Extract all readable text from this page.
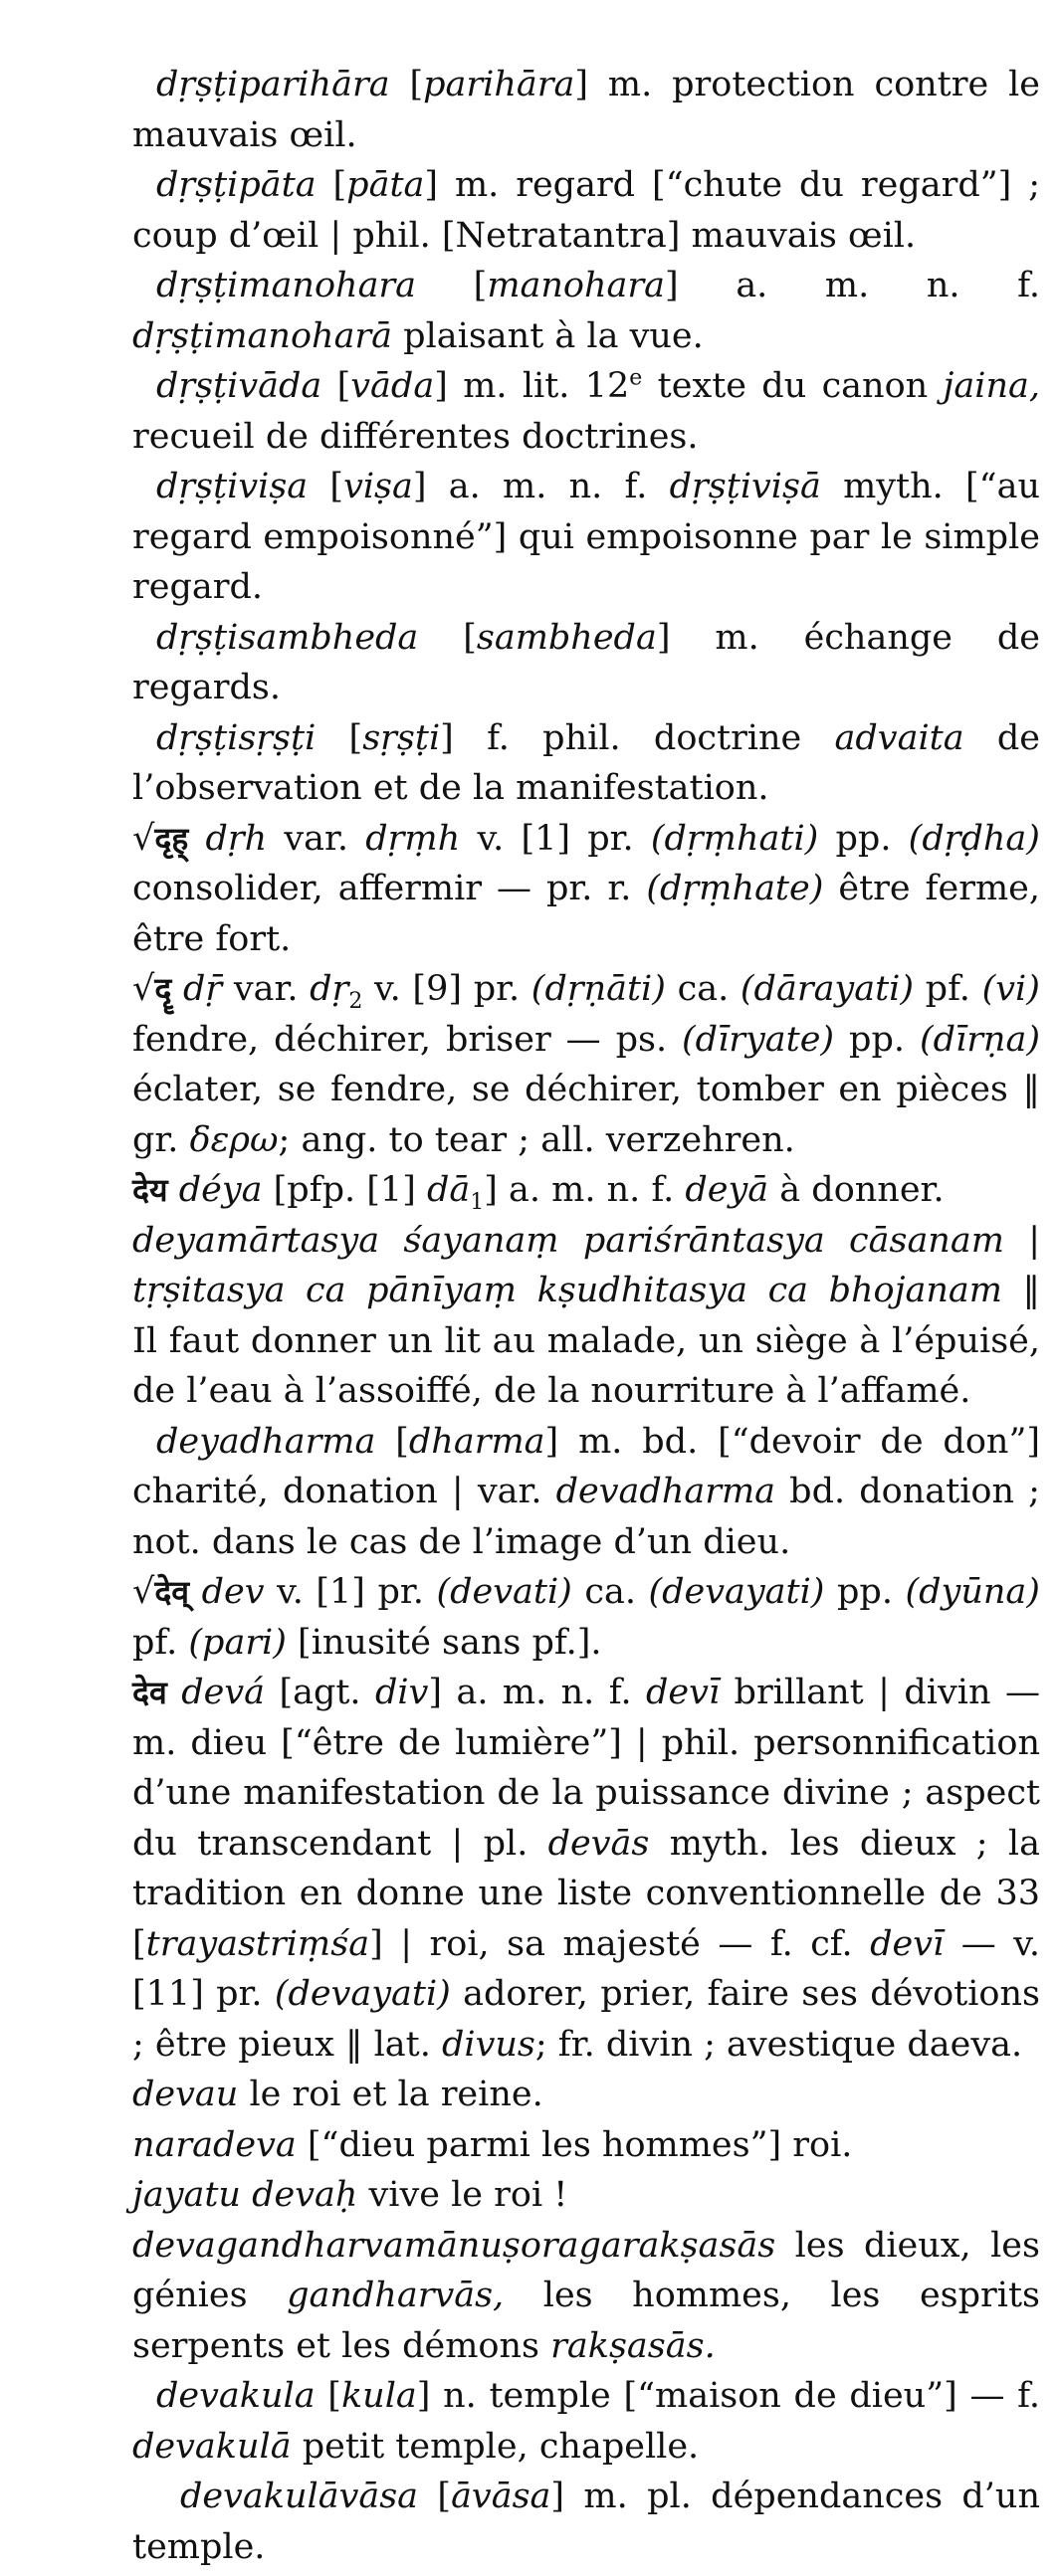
dṛṣṭiparihāra [parihāra] m. protection contre le mauvais œil.
dṛṣṭipāta [pāta] m. regard [“chute du regard”] ; coup d’œil | phil. [Netratantra] mauvais œil.
dṛṣṭimanohara [manohara] a. m. n. f. dṛṣṭimanoharā plaisant à la vue.
dṛṣṭivāda [vāda] m. lit. 12e texte du canon jaina, recueil de différentes doctrines.
dṛṣṭiviṣa [viṣa] a. m. n. f. dṛṣṭiviṣā myth. [“au regard empoisonné”] qui empoisonne par le simple regard.
dṛṣṭisambheda [sambheda] m. échange de regards.
dṛṣṭisṛṣṭi [sṛṣṭi] f. phil. doctrine advaita de l’observation et de la manifestation.
√दृह् dṛh var. dṛṃh v. [1] pr. (dṛṃhati) pp. (dṛḍha) consolider, affermir — pr. r. (dṛṃhate) être ferme, être fort.
√दॄ dṝ var. dṛ$_2$ v. [9] pr. (dṛṇāti) ca. (dārayati) pf. (vi) fendre, déchirer, briser — ps. (dīryate) pp. (dīrṇa) éclater, se fendre, se déchirer, tomber en pièces ‖ gr. δερω; ang. to tear ; all. verzehren.
देय déya [pfp. [1] $dā_1$] a. m. n. f. deyā à donner.
deyamārtasya śayanaṃ pariśrāntasya cāsanam |
tṛṣitasya ca pānīyaṃ kṣudhitasya ca bhojanam ‖
Il faut donner un lit au malade, un siège à l’épuisé, de l’eau à l’assoiffé, de la nourriture à l’affamé.
deyadharma [dharma] m. bd. [“devoir de don”] charité, donation | var. devadharma bd. donation ; not. dans le cas de l’image d’un dieu.
√देव् dev v. [1] pr. (devati) ca. (devayati) pp. (dyūna) pf. (pari) [inusité sans pf.].
देव devá [agt. div] a. m. n. f. devī brillant | divin — m. dieu [“être de lumière”] | phil. personnification d’une manifestation de la puissance divine ; aspect du transcendant | pl. devās myth. les dieux ; la tradition en donne une liste conventionnelle de 33 [trayastriṃśa] | roi, sa majesté — f. cf. devī — v. [11] pr. (devayati) adorer, prier, faire ses dévotions ; être pieux ‖ lat. divus; fr. divin ; avestique daeva.
devau le roi et la reine.
naradeva [“dieu parmi les hommes”] roi.
jayatu devaḥ vive le roi !
devagandharvamānuṣoragarakṣasās les dieux, les génies gandharvās, les hommes, les esprits serpents et les démons rakṣasās.
devakula [kula] n. temple [“maison de dieu”] — f. devakulā petit temple, chapelle.
devakulāvāsa [āvāsa] m. pl. dépendances d’un temple.
